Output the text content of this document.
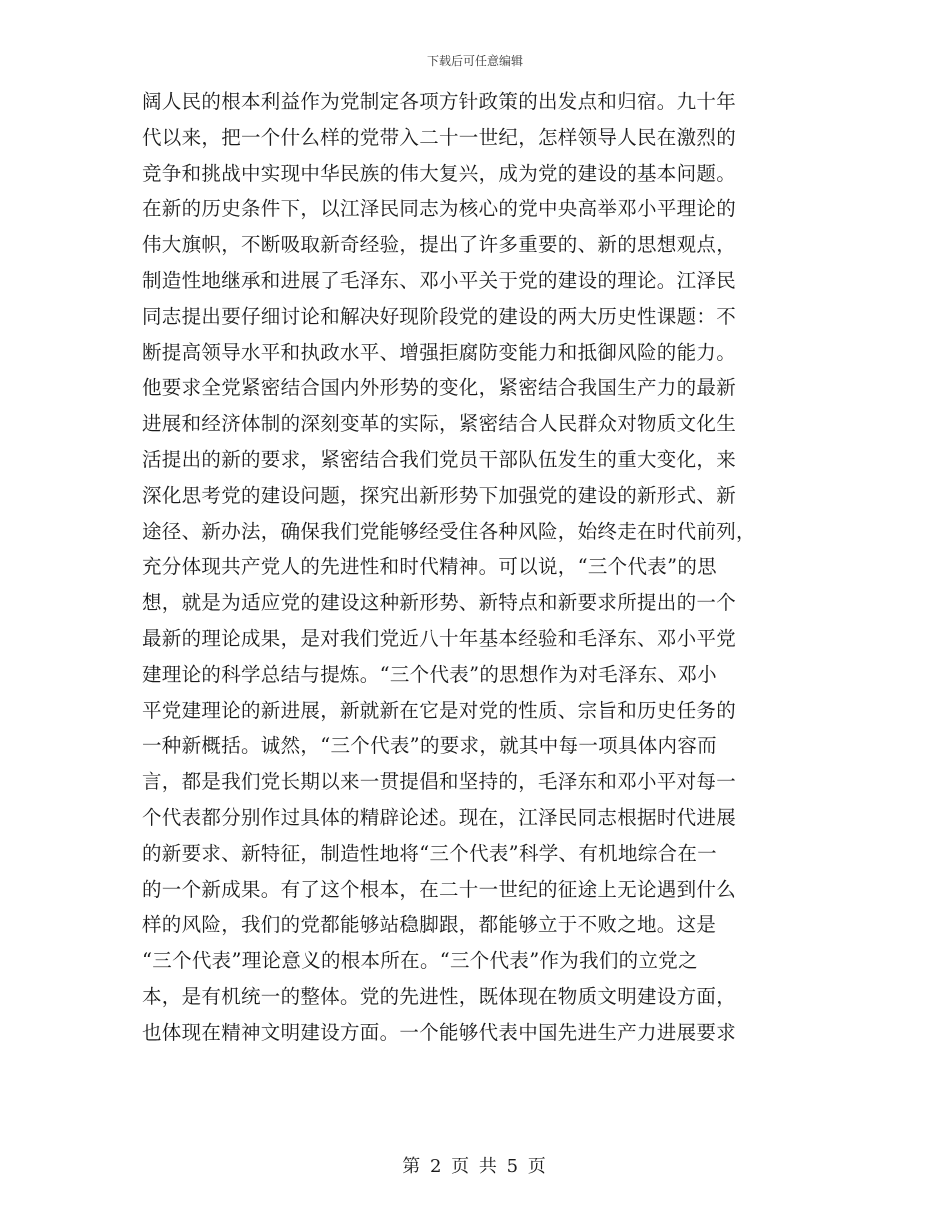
下载后可任意编辑
阔人民的根本利益作为党制定各项方针政策的出发点和归宿。九十年
代以来，把一个什么样的党带入二十一世纪，怎样领导人民在激烈的
竞争和挑战中实现中华民族的伟大复兴，成为党的建设的基本问题。
在新的历史条件下，以江泽民同志为核心的党中央高举邓小平理论的
伟大旗帜，不断吸取新奇经验，提出了许多重要的、新的思想观点，
制造性地继承和进展了毛泽东、邓小平关于党的建设的理论。江泽民
同志提出要仔细讨论和解决好现阶段党的建设的两大历史性课题：不
断提高领导水平和执政水平、增强拒腐防变能力和抵御风险的能力。
他要求全党紧密结合国内外形势的变化，紧密结合我国生产力的最新
进展和经济体制的深刻变革的实际，紧密结合人民群众对物质文化生
活提出的新的要求，紧密结合我们党员干部队伍发生的重大变化，来
深化思考党的建设问题，探究出新形势下加强党的建设的新形式、新
途径、新办法，确保我们党能够经受住各种风险，始终走在时代前列，
充分体现共产党人的先进性和时代精神。可以说，“三个代表”的思
想，就是为适应党的建设这种新形势、新特点和新要求所提出的一个
最新的理论成果，是对我们党近八十年基本经验和毛泽东、邓小平党
建理论的科学总结与提炼。“三个代表”的思想作为对毛泽东、邓小
平党建理论的新进展，新就新在它是对党的性质、宗旨和历史任务的
一种新概括。诚然，“三个代表”的要求，就其中每一项具体内容而
言，都是我们党长期以来一贯提倡和坚持的，毛泽东和邓小平对每一
个代表都分别作过具体的精辟论述。现在，江泽民同志根据时代进展
的新要求、新特征，制造性地将“三个代表”科学、有机地综合在一
的一个新成果。有了这个根本，在二十一世纪的征途上无论遇到什么
样的风险，我们的党都能够站稳脚跟，都能够立于不败之地。这是
“三个代表”理论意义的根本所在。“三个代表”作为我们的立党之
本，是有机统一的整体。党的先进性，既体现在物质文明建设方面，
也体现在精神文明建设方面。一个能够代表中国先进生产力进展要求
第 2 页 共 5 页
